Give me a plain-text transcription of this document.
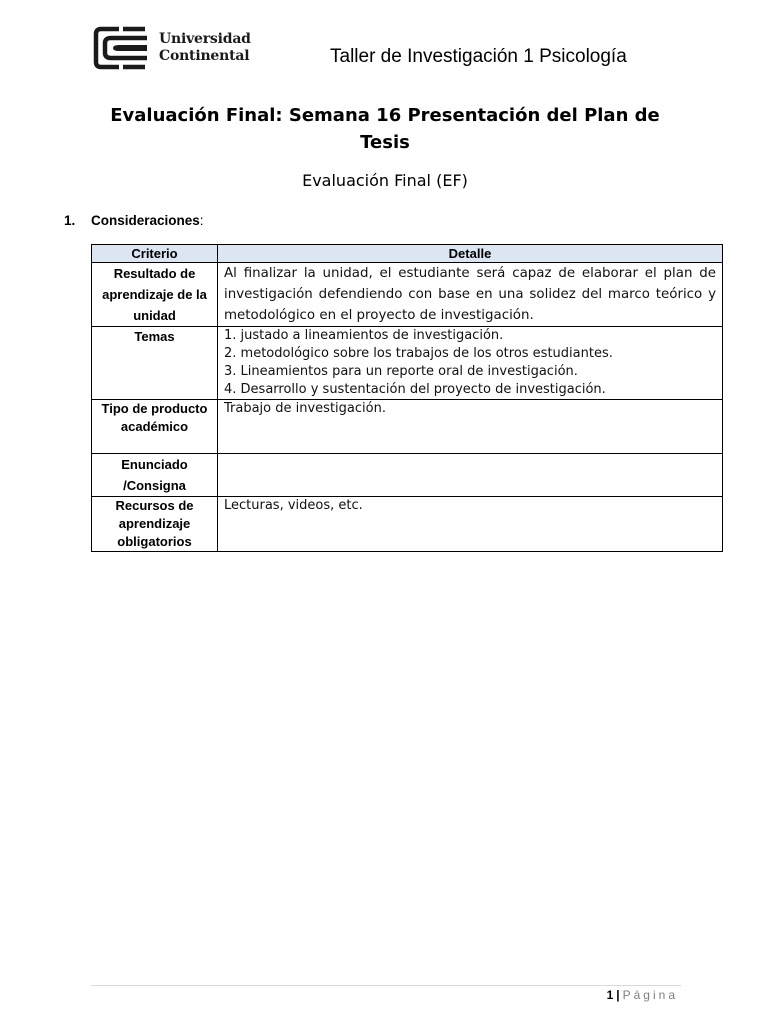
Universidad
Continental	Taller de Investigación 1 Psicología
Evaluación Final: Semana 16 Presentación del Plan de Tesis
Evaluación Final (EF)
1. Consideraciones:
Criterio	Detalle
Resultado de aprendizaje de la unidad	Al finalizar la unidad, el estudiante será capaz de elaborar el plan de investigación defendiendo con base en una solidez del marco teórico y metodológico en el proyecto de investigación.

Temas	1. justado a lineamientos de investigación.
2. metodológico sobre los trabajos de los otros estudiantes.
3. Lineamientos para un reporte oral de investigación.
4. Desarrollo y sustentación del proyecto de investigación.

Tipo de producto académico	Trabajo de investigación.
Enunciado /Consigna	
Recursos de aprendizaje obligatorios	Lecturas, videos, etc.
1 | Página
